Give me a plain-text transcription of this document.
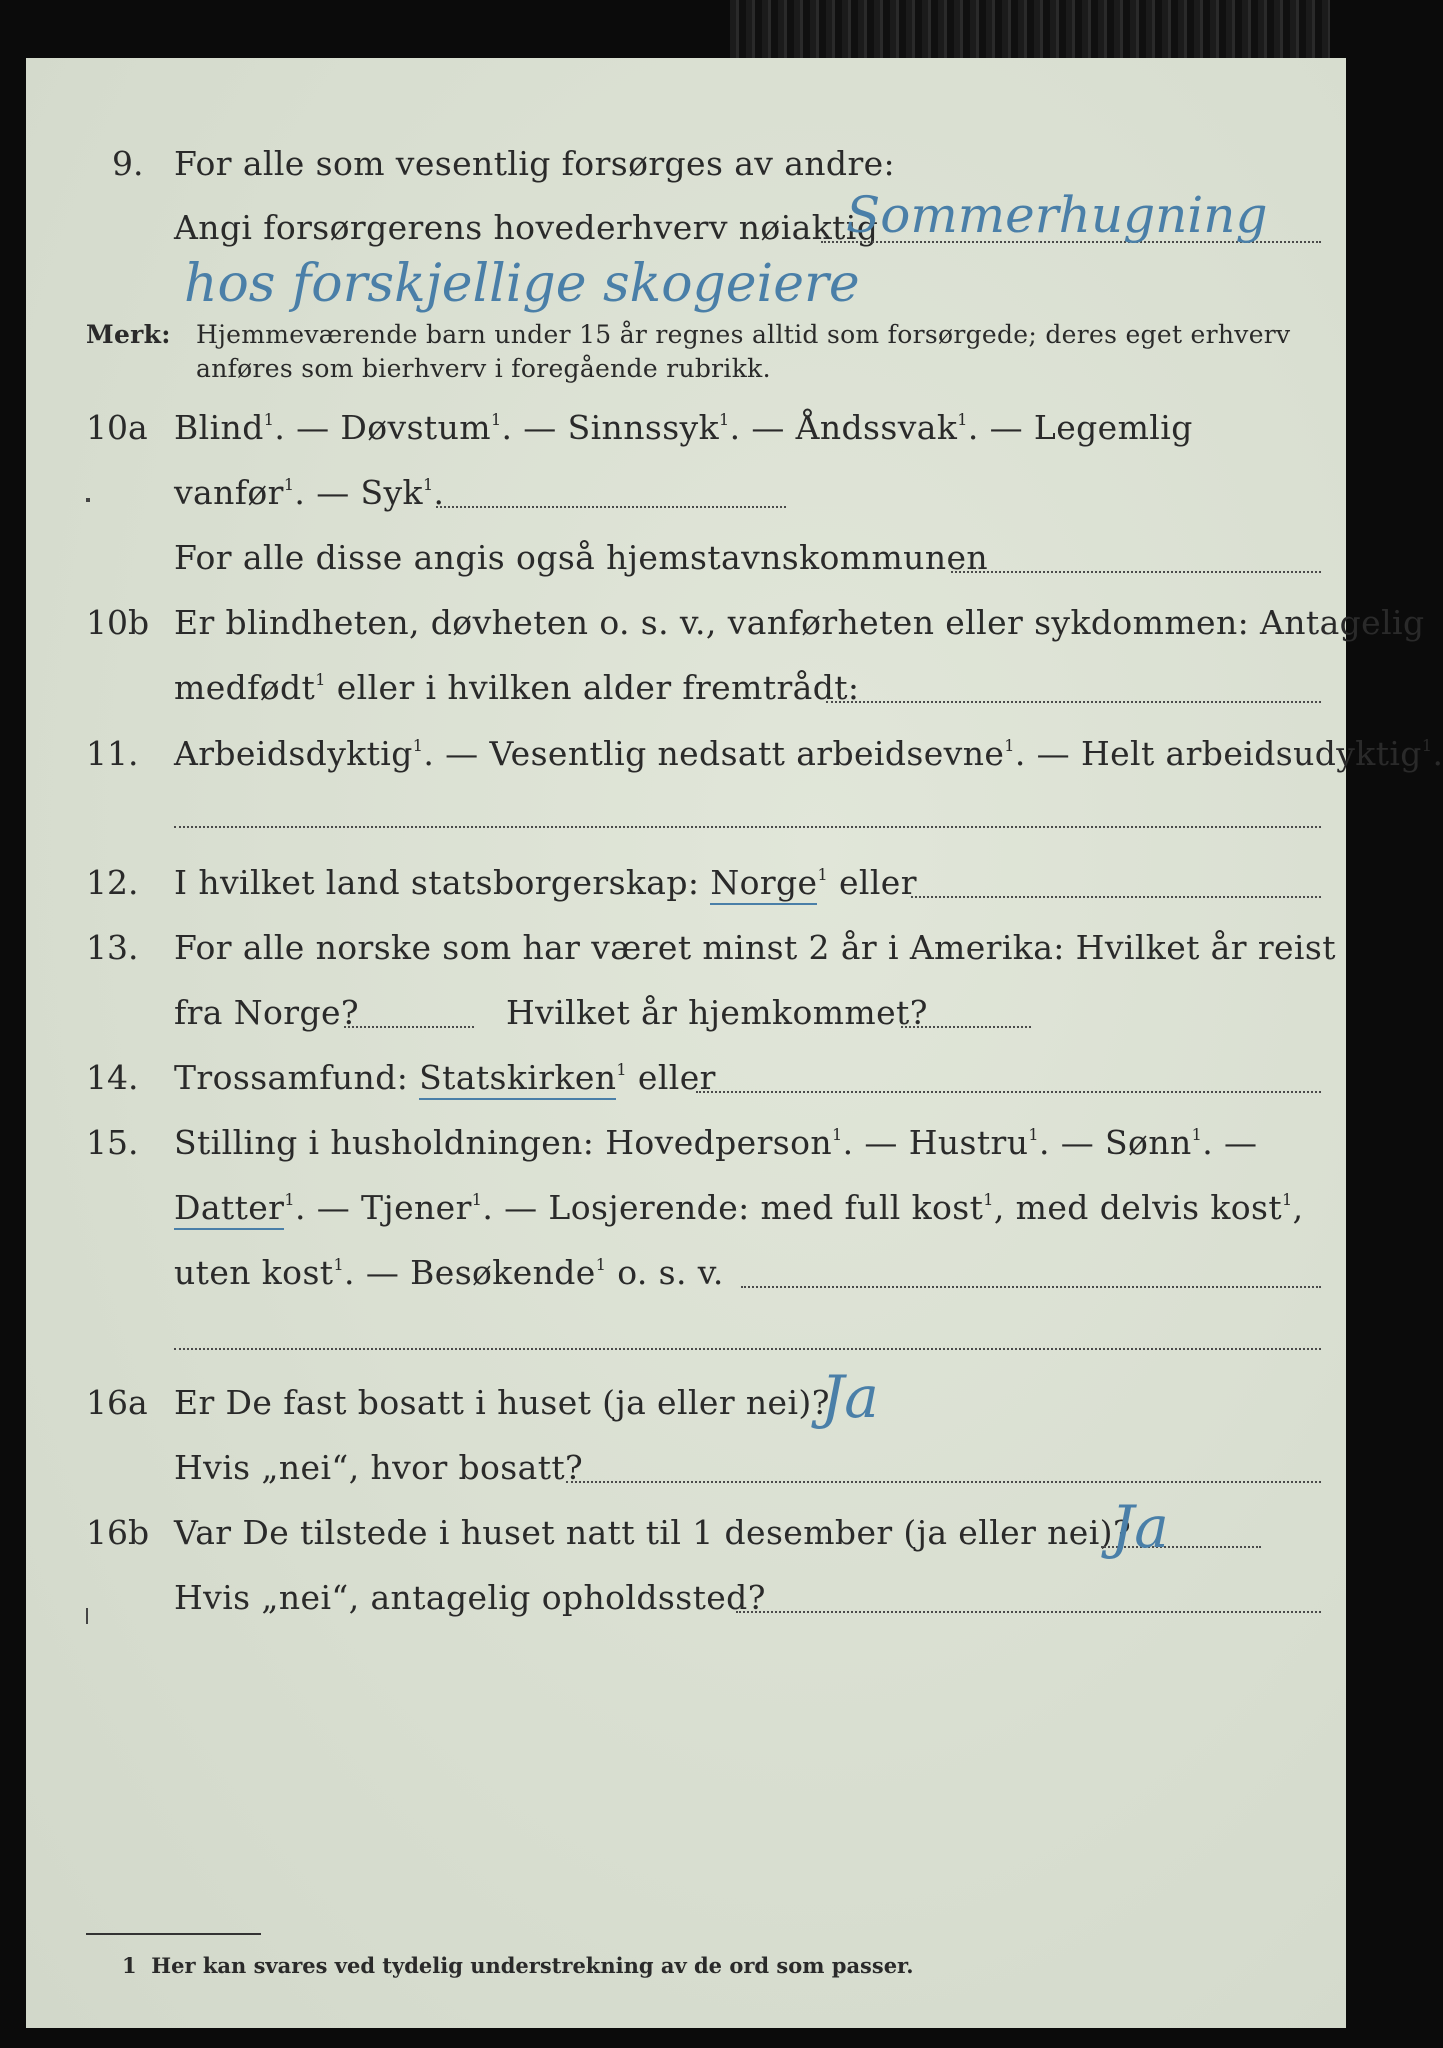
9. For alle som vesentlig forsørges av andre:
Angi forsørgerens hovederhverv nøiaktig
Sommerhugning
hos forskjellige skogeiere
Merk: Hjemmeværende barn under 15 år regnes alltid som forsørgede; deres eget erhverv
anføres som bierhverv i foregående rubrikk.
10a Blind$^1$. — Døvstum$^1$. — Sinnssyk$^1$. — Åndssvak$^1$. — Legemlig
vanfør$^1$. — Syk$^1$.
For alle disse angis også hjemstavnskommunen
10b Er blindheten, døvheten o. s. v., vanførheten eller sykdommen: Antagelig
medfødt$^1$ eller i hvilken alder fremtrådt:
11. Arbeidsdyktig$^1$. — Vesentlig nedsatt arbeidsevne$^1$. — Helt arbeidsudyktig$^1$.
12. I hvilket land statsborgerskap: Norge$^1$ eller
13. For alle norske som har været minst 2 år i Amerika: Hvilket år reist
fra Norge?	Hvilket år hjemkommet?
14. Trossamfund: Statskirken$^1$ eller
15. Stilling i husholdningen: Hovedperson$^1$. — Hustru$^1$. — Sønn$^1$. —
Datter$^1$. — Tjener$^1$. — Losjerende: med full kost$^1$, med delvis kost$^1$,
uten kost$^1$. — Besøkende$^1$ o. s. v.
16a Er De fast bosatt i huset (ja eller nei)?
Ja
Hvis „nei“, hvor bosatt?
16b Var De tilstede i huset natt til 1 desember (ja eller nei)?
Ja
Hvis „nei“, antagelig opholdssted?
1 Her kan svares ved tydelig understrekning av de ord som passer.
